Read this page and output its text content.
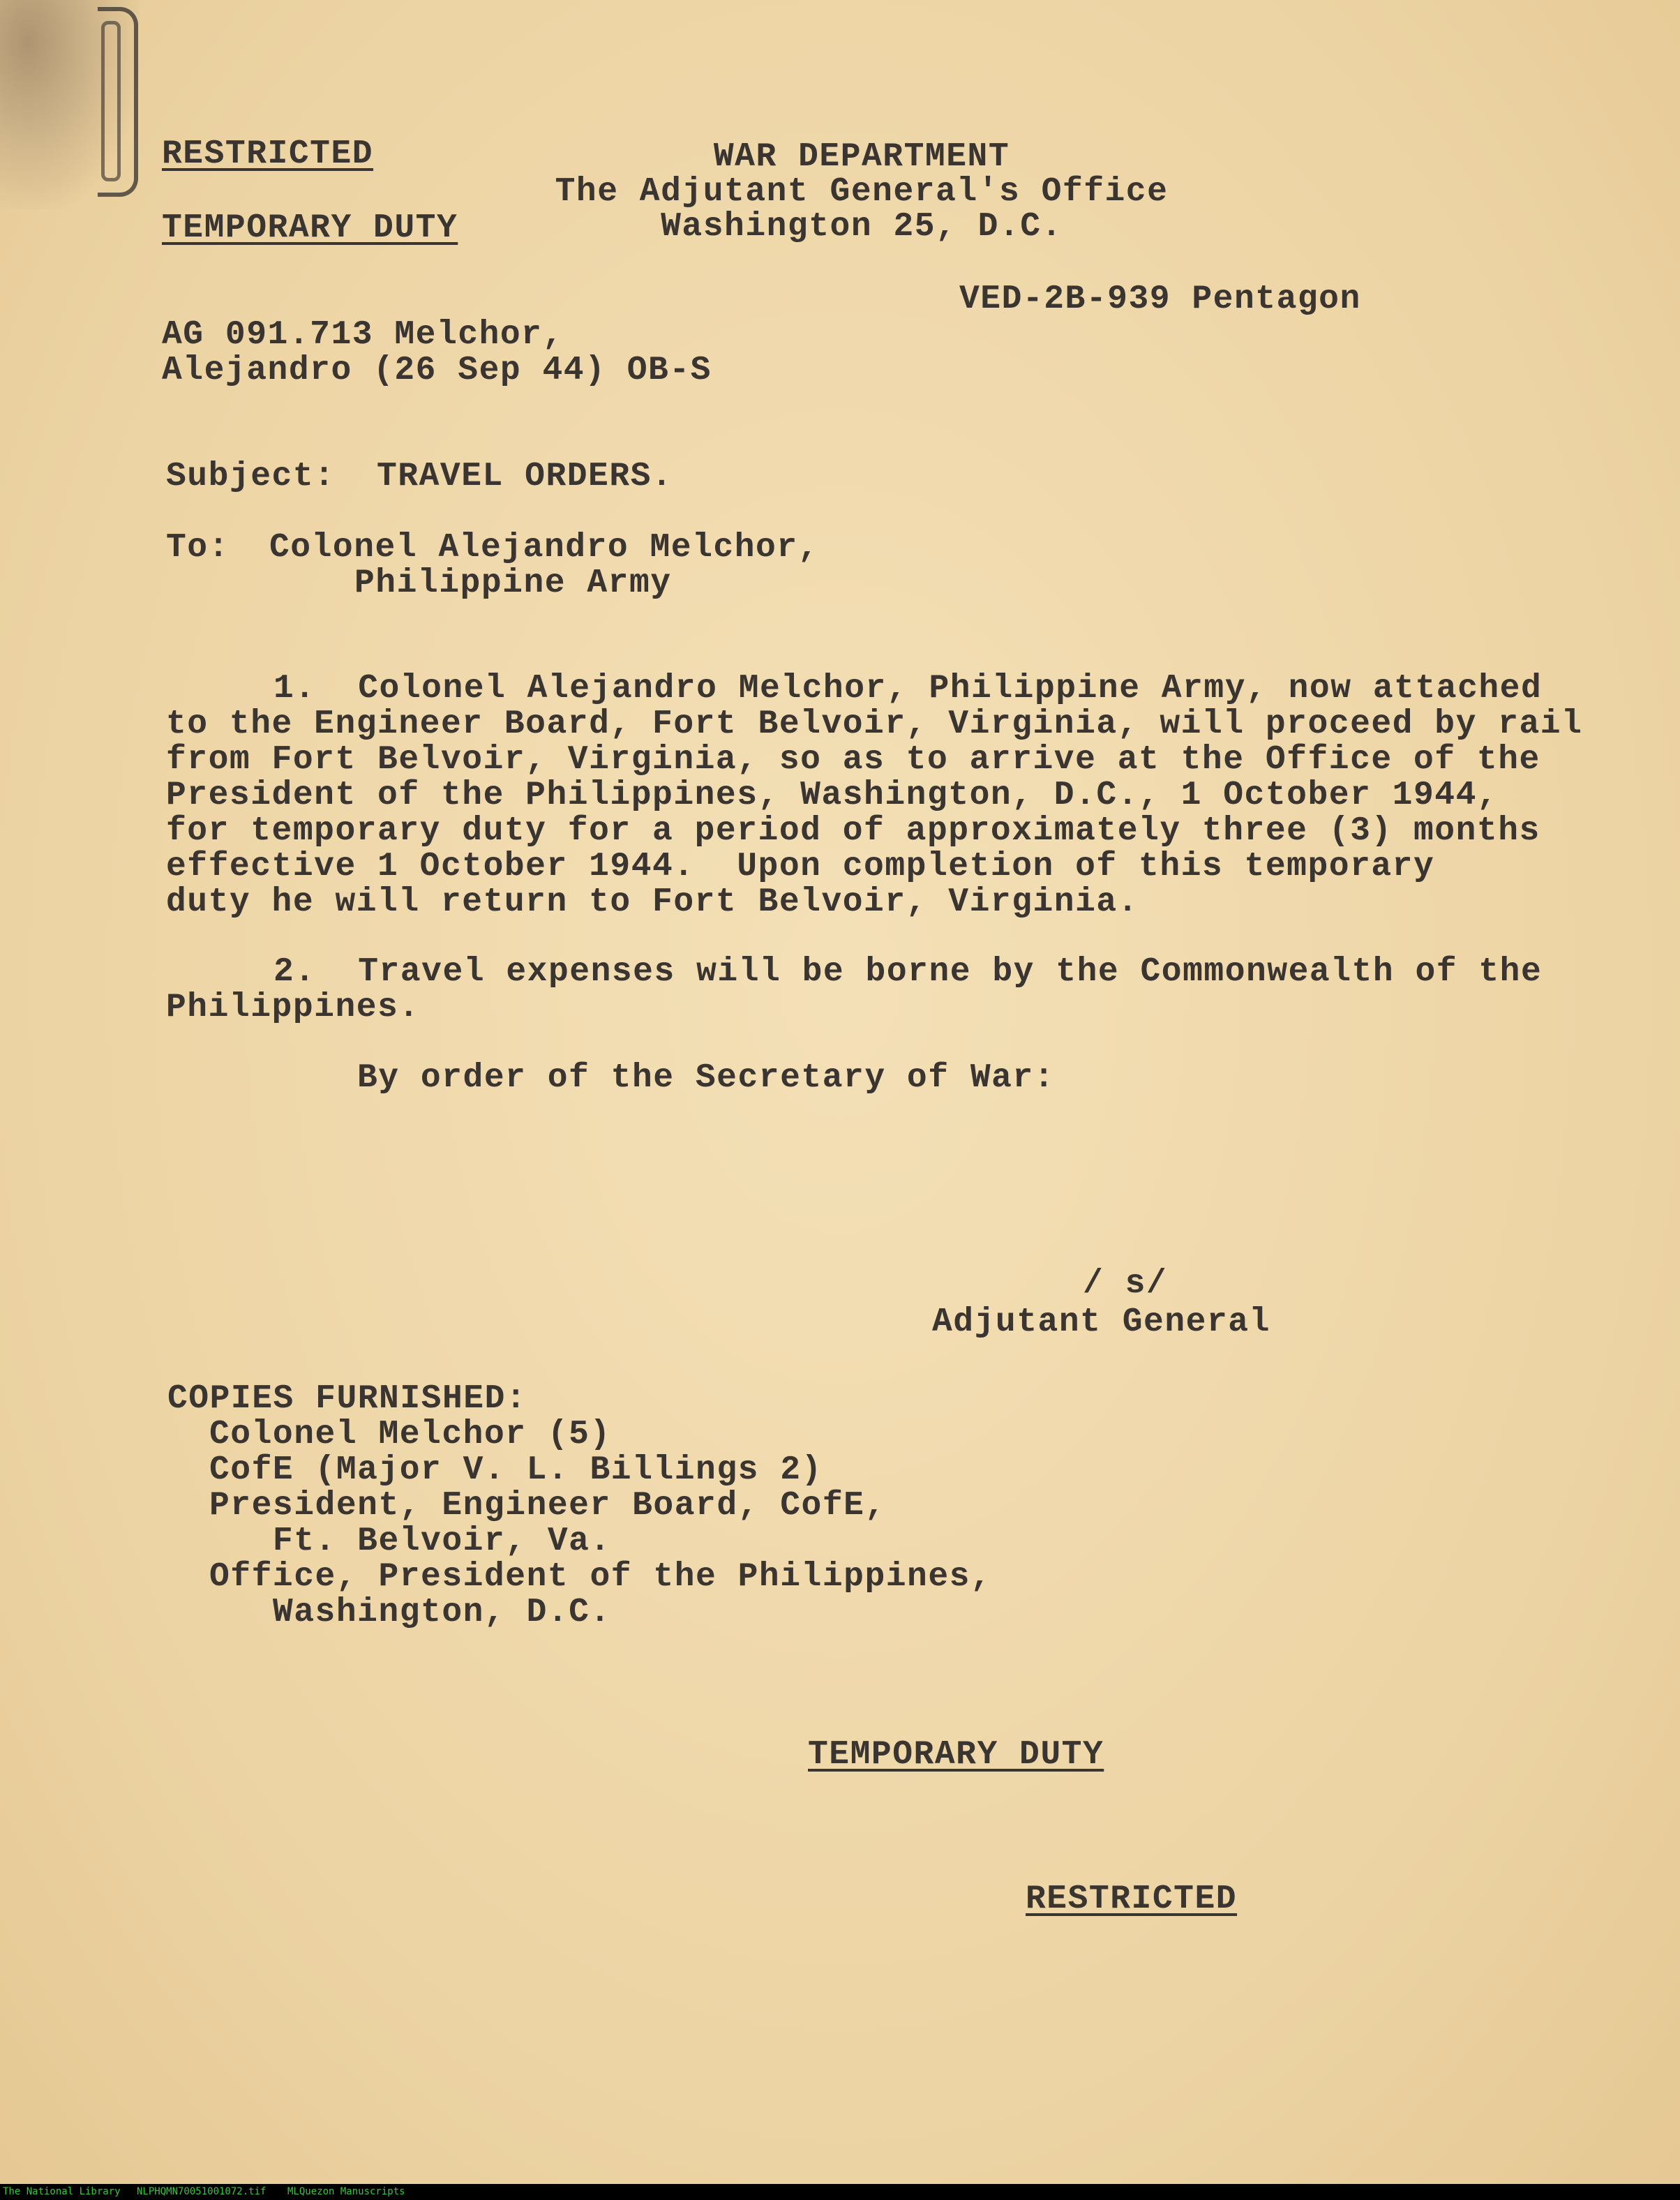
RESTRICTED
TEMPORARY DUTY
WAR DEPARTMENT
The Adjutant General's Office
Washington 25, D.C.
VED-2B-939 Pentagon
AG 091.713 Melchor,
Alejandro (26 Sep 44) OB-S
Subject: TRAVEL ORDERS.
To: Colonel Alejandro Melchor,
Philippine Army
1.  Colonel Alejandro Melchor, Philippine Army, now attached
to the Engineer Board, Fort Belvoir, Virginia, will proceed by rail
from Fort Belvoir, Virginia, so as to arrive at the Office of the
President of the Philippines, Washington, D.C., 1 October 1944,
for temporary duty for a period of approximately three (3) months
effective 1 October 1944.  Upon completion of this temporary
duty he will return to Fort Belvoir, Virginia.
2.  Travel expenses will be borne by the Commonwealth of the
Philippines.
By order of the Secretary of War:
/ s/
Adjutant General
COPIES FURNISHED:
Colonel Melchor (5)
CofE (Major V. L. Billings 2)
President, Engineer Board, CofE,
Ft. Belvoir, Va.
Office, President of the Philippines,
Washington, D.C.
TEMPORARY DUTY
RESTRICTED
The National Library NLPHQMN70051001072.tif MLQuezon Manuscripts
